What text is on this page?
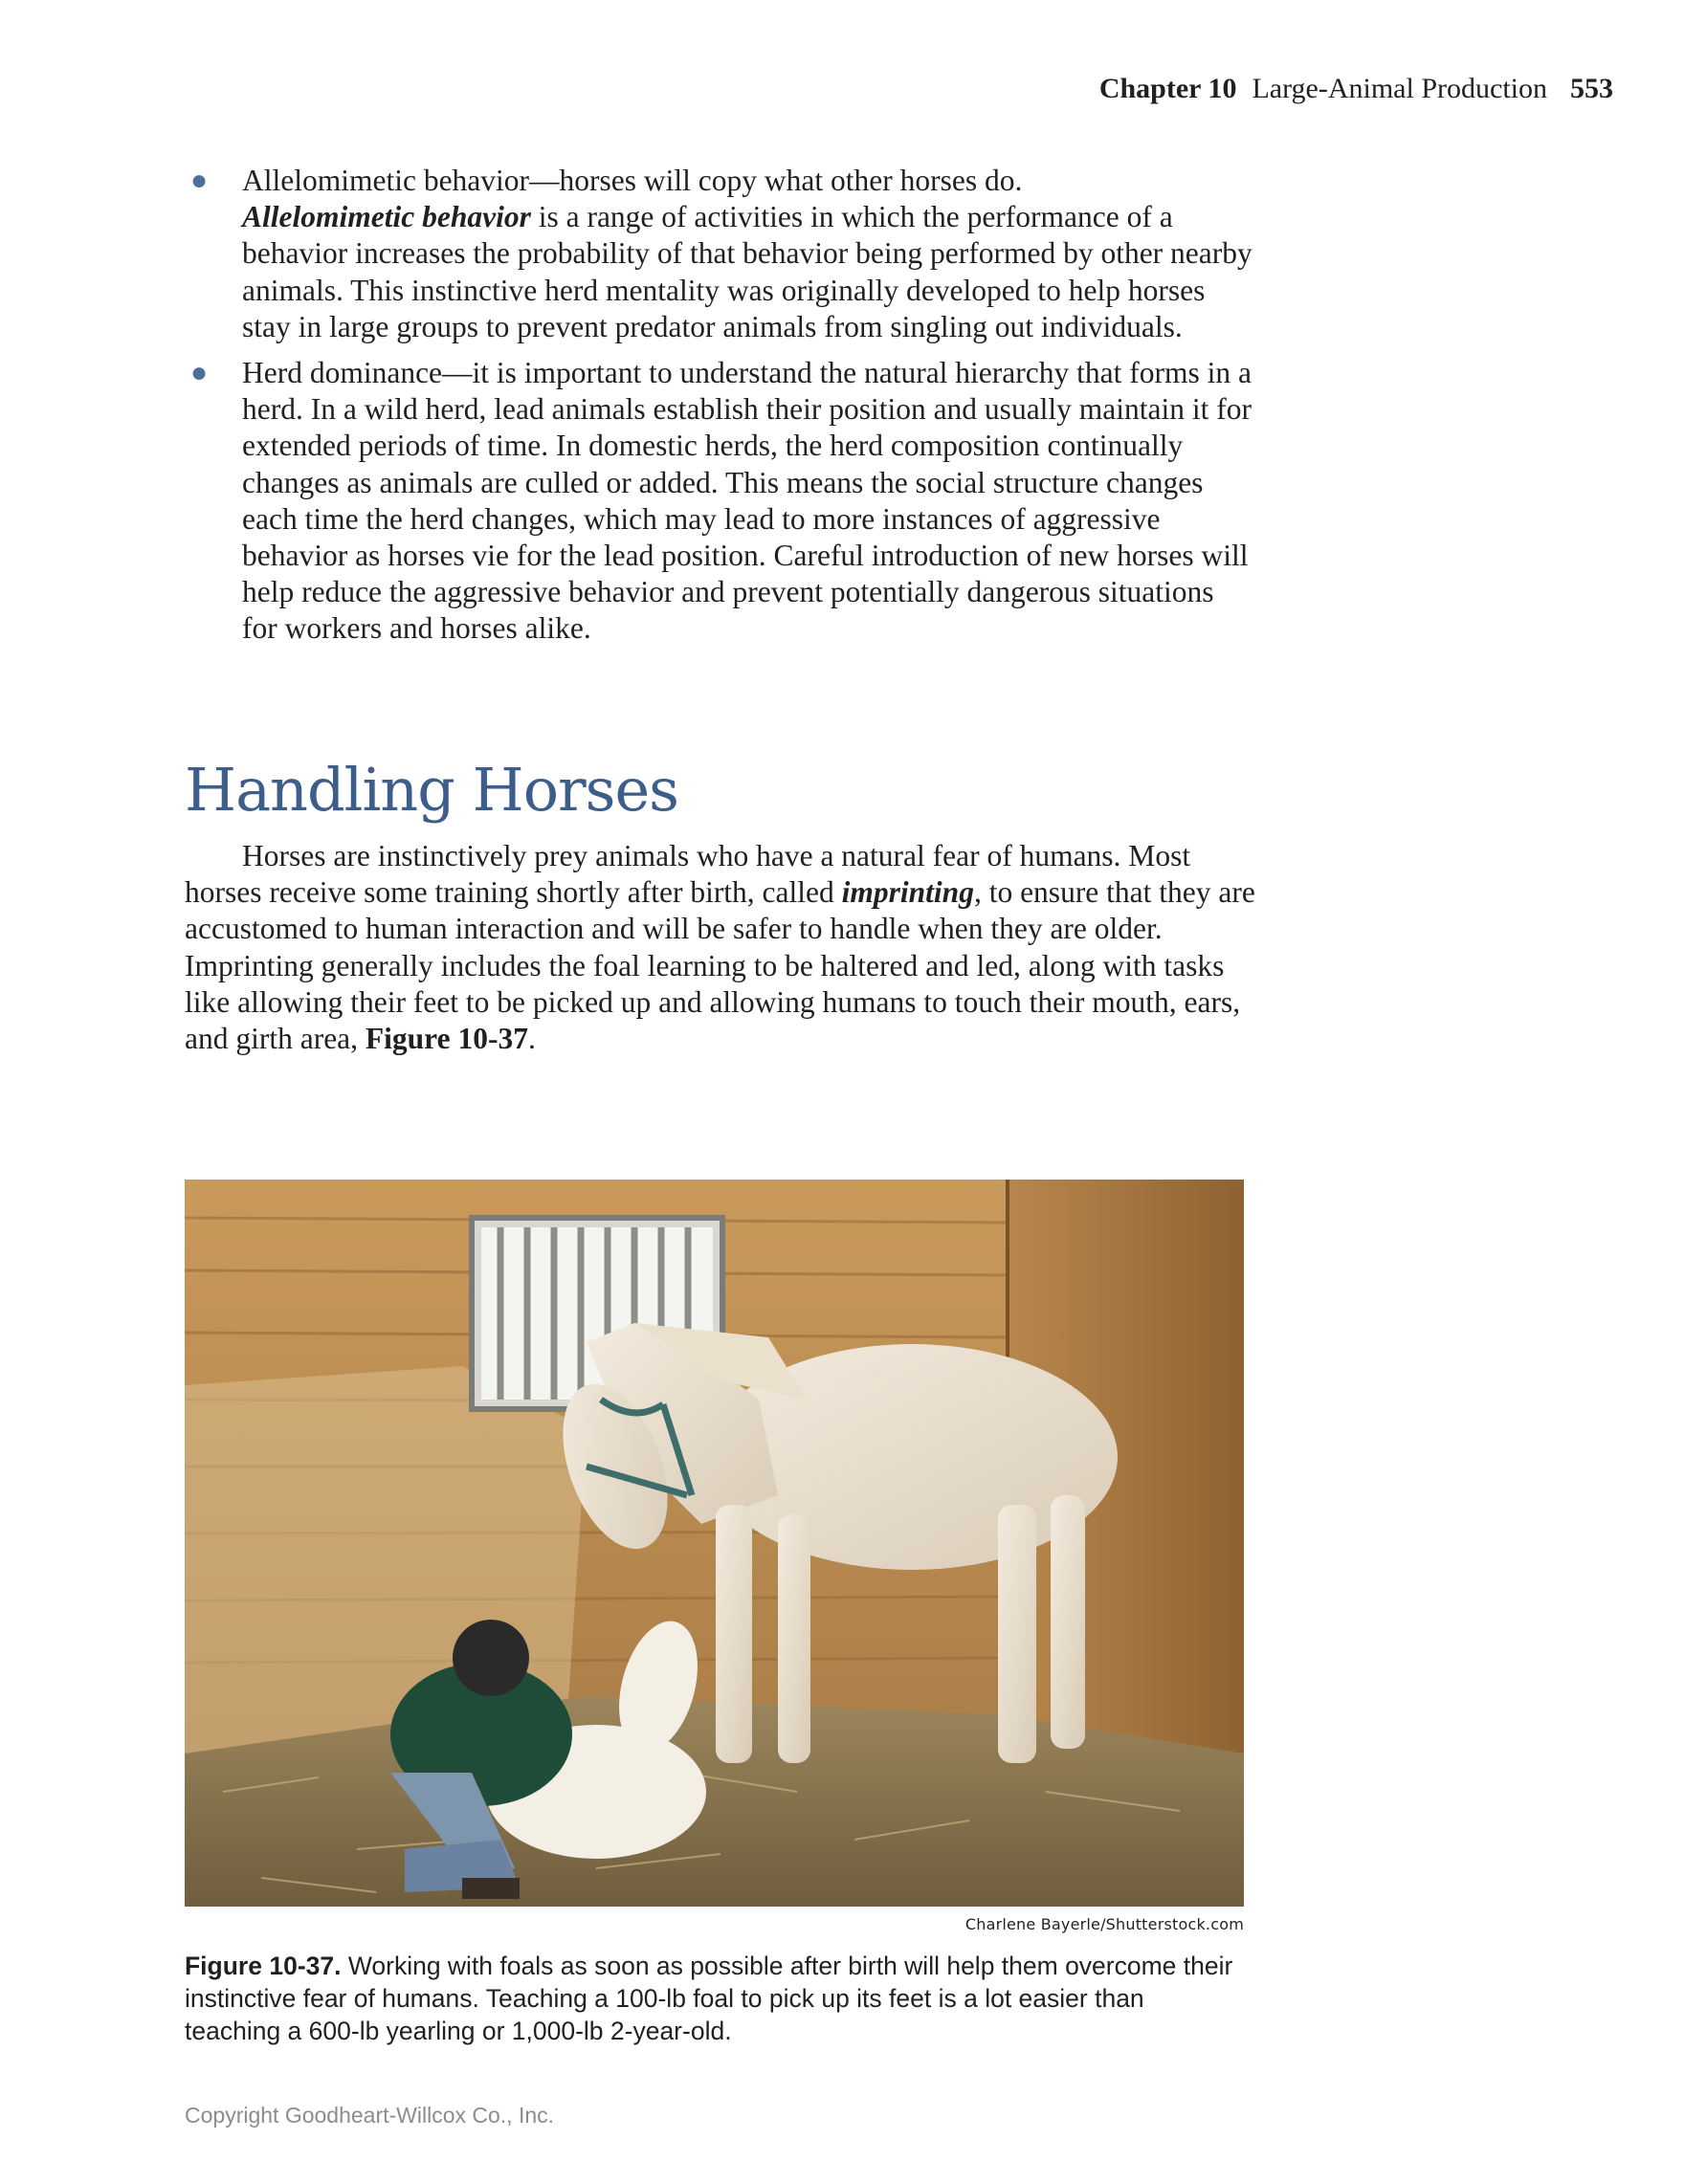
Chapter 10 Large-Animal Production 553
● Allelomimetic behavior—horses will copy what other horses do.
Allelomimetic behavior is a range of activities in which the performance of a behavior increases the probability of that behavior being performed by other nearby animals. This instinctive herd mentality was originally developed to help horses stay in large groups to prevent predator animals from singling out individuals.
● Herd dominance—it is important to understand the natural hierarchy that forms in a herd. In a wild herd, lead animals establish their position and usually maintain it for extended periods of time. In domestic herds, the herd composition continually changes as animals are culled or added. This means the social structure changes each time the herd changes, which may lead to more instances of aggressive behavior as horses vie for the lead position. Careful introduction of new horses will help reduce the aggressive behavior and prevent potentially dangerous situations for workers and horses alike.
Handling Horses

Horses are instinctively prey animals who have a natural fear of humans. Most horses receive some training shortly after birth, called imprinting, to ensure that they are accustomed to human interaction and will be safer to handle when they are older. Imprinting generally includes the foal learning to be haltered and led, along with tasks like allowing their feet to be picked up and allowing humans to touch their mouth, ears, and girth area, Figure 10-37.

Charlene Bayerle/Shutterstock.com
Figure 10-37. Working with foals as soon as possible after birth will help them overcome their instinctive fear of humans. Teaching a 100-lb foal to pick up its feet is a lot easier than teaching a 600-lb yearling or 1,000-lb 2-year-old.
Copyright Goodheart-Willcox Co., Inc.
